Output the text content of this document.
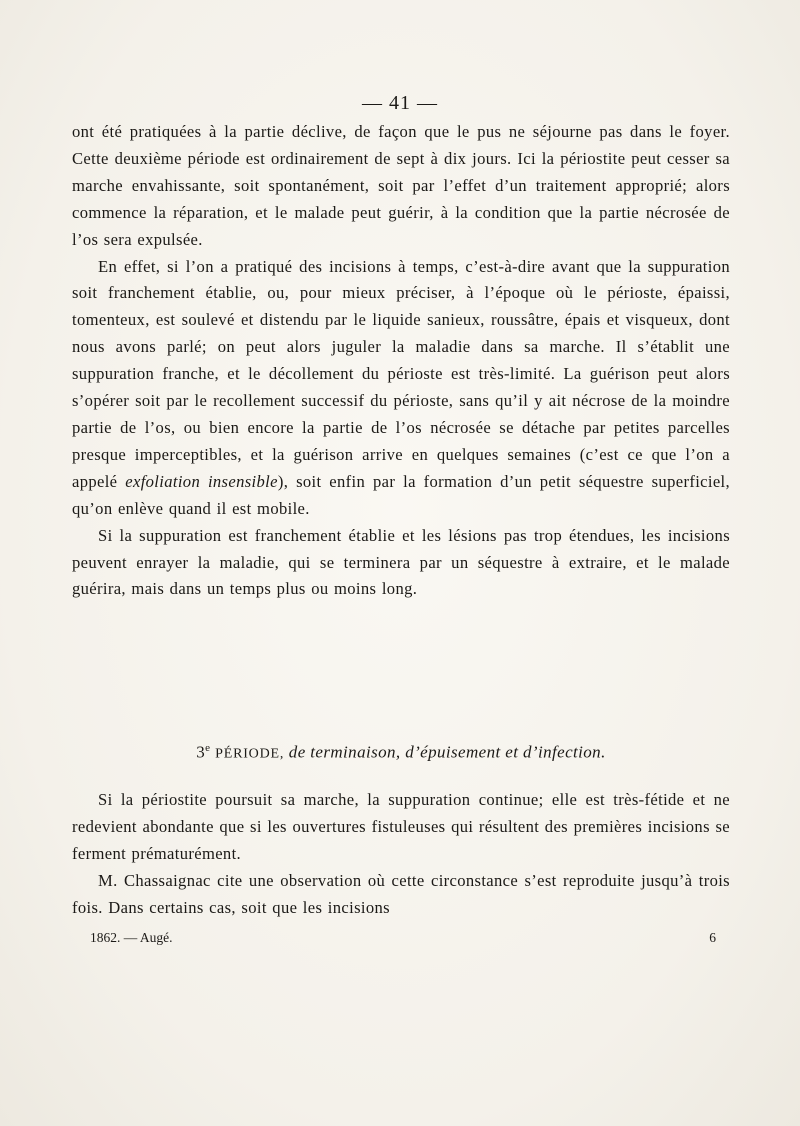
— 41 —

ont été pratiquées à la partie déclive, de façon que le pus ne séjourne pas dans le foyer. Cette deuxième période est ordinairement de sept à dix jours. Ici la périostite peut cesser sa marche envahissante, soit spontanément, soit par l’effet d’un traitement approprié; alors commence la réparation, et le malade peut guérir, à la condition que la partie nécrosée de l’os sera expulsée.

En effet, si l’on a pratiqué des incisions à temps, c’est-à-dire avant que la suppuration soit franchement établie, ou, pour mieux préciser, à l’époque où le périoste, épaissi, tomenteux, est soulevé et distendu par le liquide sanieux, roussâtre, épais et visqueux, dont nous avons parlé; on peut alors juguler la maladie dans sa marche. Il s’établit une suppuration franche, et le décollement du périoste est très-limité. La guérison peut alors s’opérer soit par le recollement successif du périoste, sans qu’il y ait nécrose de la moindre partie de l’os, ou bien encore la partie de l’os nécrosée se détache par petites parcelles presque imperceptibles, et la guérison arrive en quelques semaines (c’est ce que l’on a appelé exfoliation insensible), soit enfin par la formation d’un petit séquestre superficiel, qu’on enlève quand il est mobile.

Si la suppuration est franchement établie et les lésions pas trop étendues, les incisions peuvent enrayer la maladie, qui se terminera par un séquestre à extraire, et le malade guérira, mais dans un temps plus ou moins long.

3e PÉRIODE, de terminaison, d’épuisement et d’infection.

Si la périostite poursuit sa marche, la suppuration continue; elle est très-fétide et ne redevient abondante que si les ouvertures fistuleuses qui résultent des premières incisions se ferment prématurément.

M. Chassaignac cite une observation où cette circonstance s’est reproduite jusqu’à trois fois. Dans certains cas, soit que les incisions

1862. — Augé.	6
